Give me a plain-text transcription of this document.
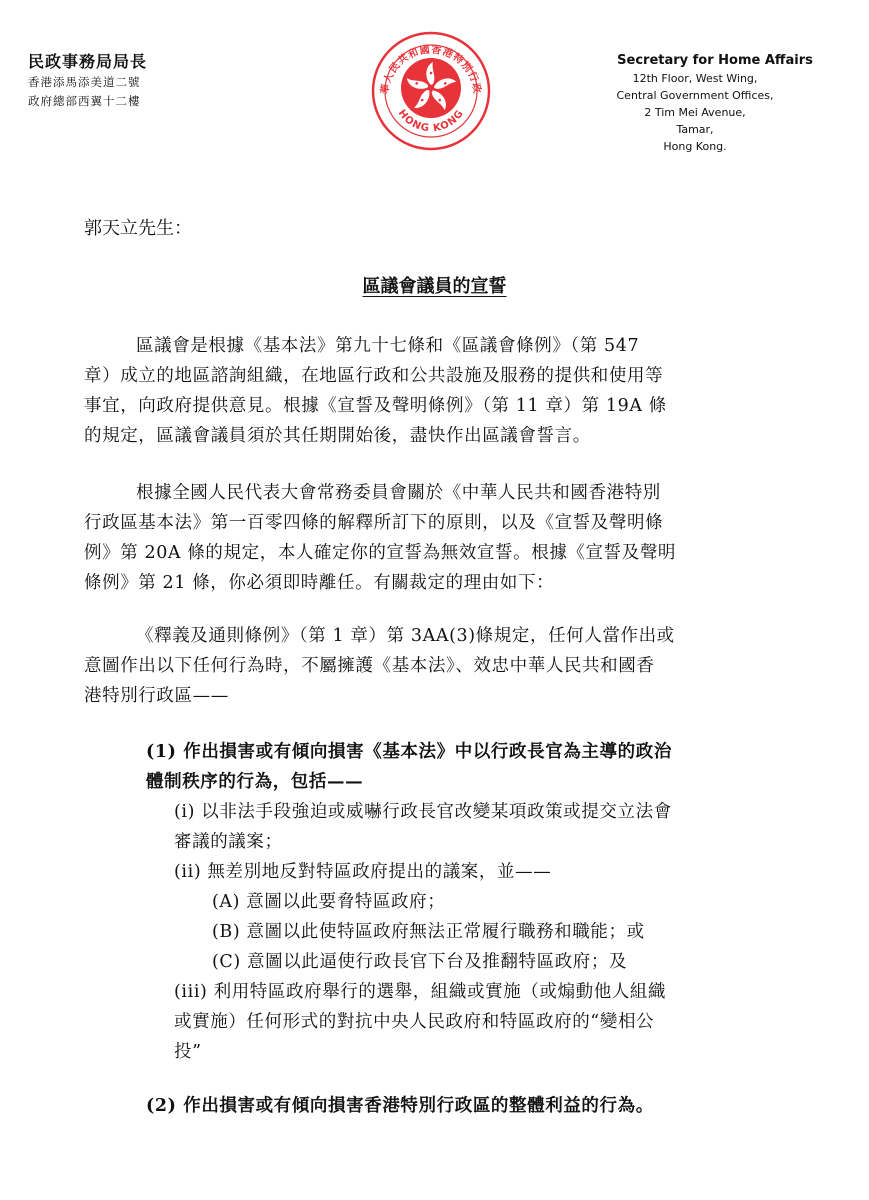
民政事務局局長
香港添馬添美道二號
政府總部西翼十二樓
華人民共和國香港特別行政
HONG KONG
Secretary for Home Affairs
12th Floor, West Wing,
Central Government Offices,
2 Tim Mei Avenue,
Tamar,
Hong Kong.
郭天立先生：
區議會議員的宣誓
區議會是根據《基本法》第九十七條和《區議會條例》（第 547
章）成立的地區諮詢組織，在地區行政和公共設施及服務的提供和使用等
事宜，向政府提供意見。根據《宣誓及聲明條例》（第 11 章）第 19A 條
的規定，區議會議員須於其任期開始後，盡快作出區議會誓言。
根據全國人民代表大會常務委員會關於《中華人民共和國香港特別
行政區基本法》第一百零四條的解釋所訂下的原則，以及《宣誓及聲明條
例》第 20A 條的規定，本人確定你的宣誓為無效宣誓。根據《宣誓及聲明
條例》第 21 條，你必須即時離任。有關裁定的理由如下：
《釋義及通則條例》（第 1 章）第 3AA(3)條規定，任何人當作出或
意圖作出以下任何行為時，不屬擁護《基本法》、效忠中華人民共和國香
港特別行政區——
(1) 作出損害或有傾向損害《基本法》中以行政長官為主導的政治
體制秩序的行為，包括——
(i) 以非法手段強迫或威嚇行政長官改變某項政策或提交立法會
審議的議案；
(ii) 無差別地反對特區政府提出的議案，並——
(A) 意圖以此要脅特區政府；
(B) 意圖以此使特區政府無法正常履行職務和職能；或
(C) 意圖以此逼使行政長官下台及推翻特區政府；及
(iii) 利用特區政府舉行的選舉，組織或實施（或煽動他人組織
或實施）任何形式的對抗中央人民政府和特區政府的“變相公
投”
(2) 作出損害或有傾向損害香港特別行政區的整體利益的行為。
